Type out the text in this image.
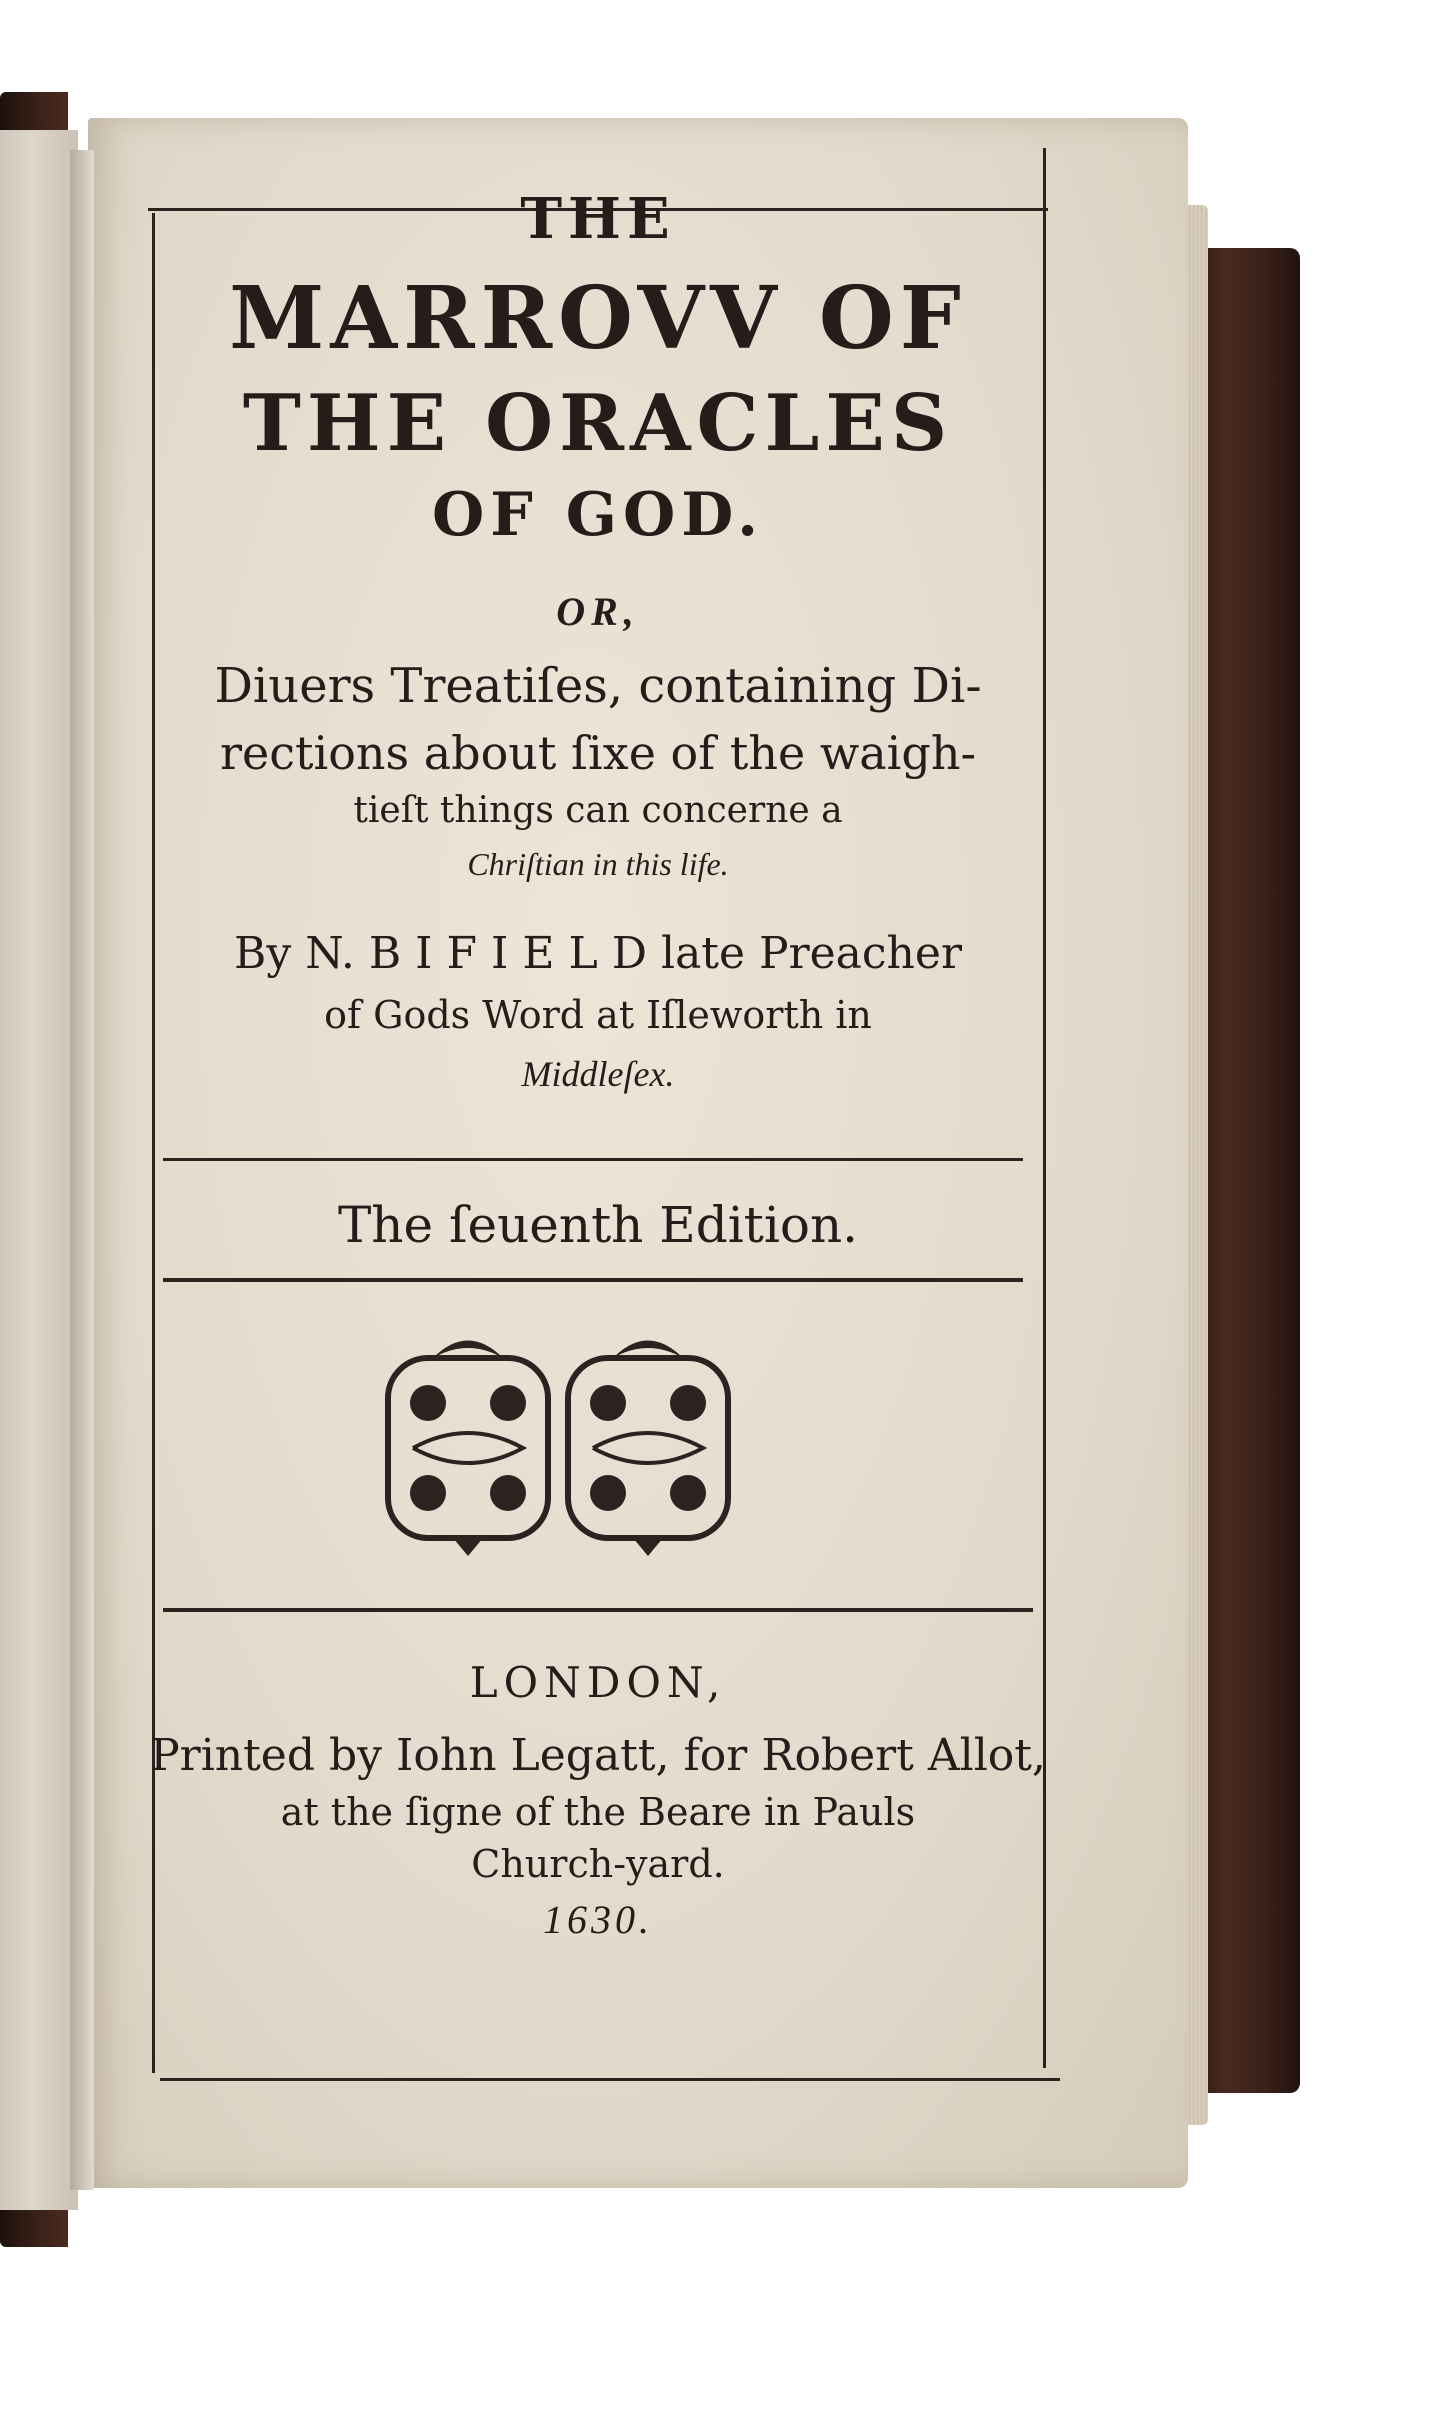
THE
MARROVV OF
THE ORACLES
OF GOD.
OR,
Diuers Treatiſes, containing Di-
rections about ſixe of the waigh-
tieſt things can concerne a
Chriſtian in this life.
By N. B I F I E L D late Preacher
of Gods Word at Iſleworth in
Middleſex.
The ſeuenth Edition.
LONDON,
Printed by Iohn Legatt, for Robert Allot,
at the ſigne of the Beare in Pauls
Church-yard.
1630.
